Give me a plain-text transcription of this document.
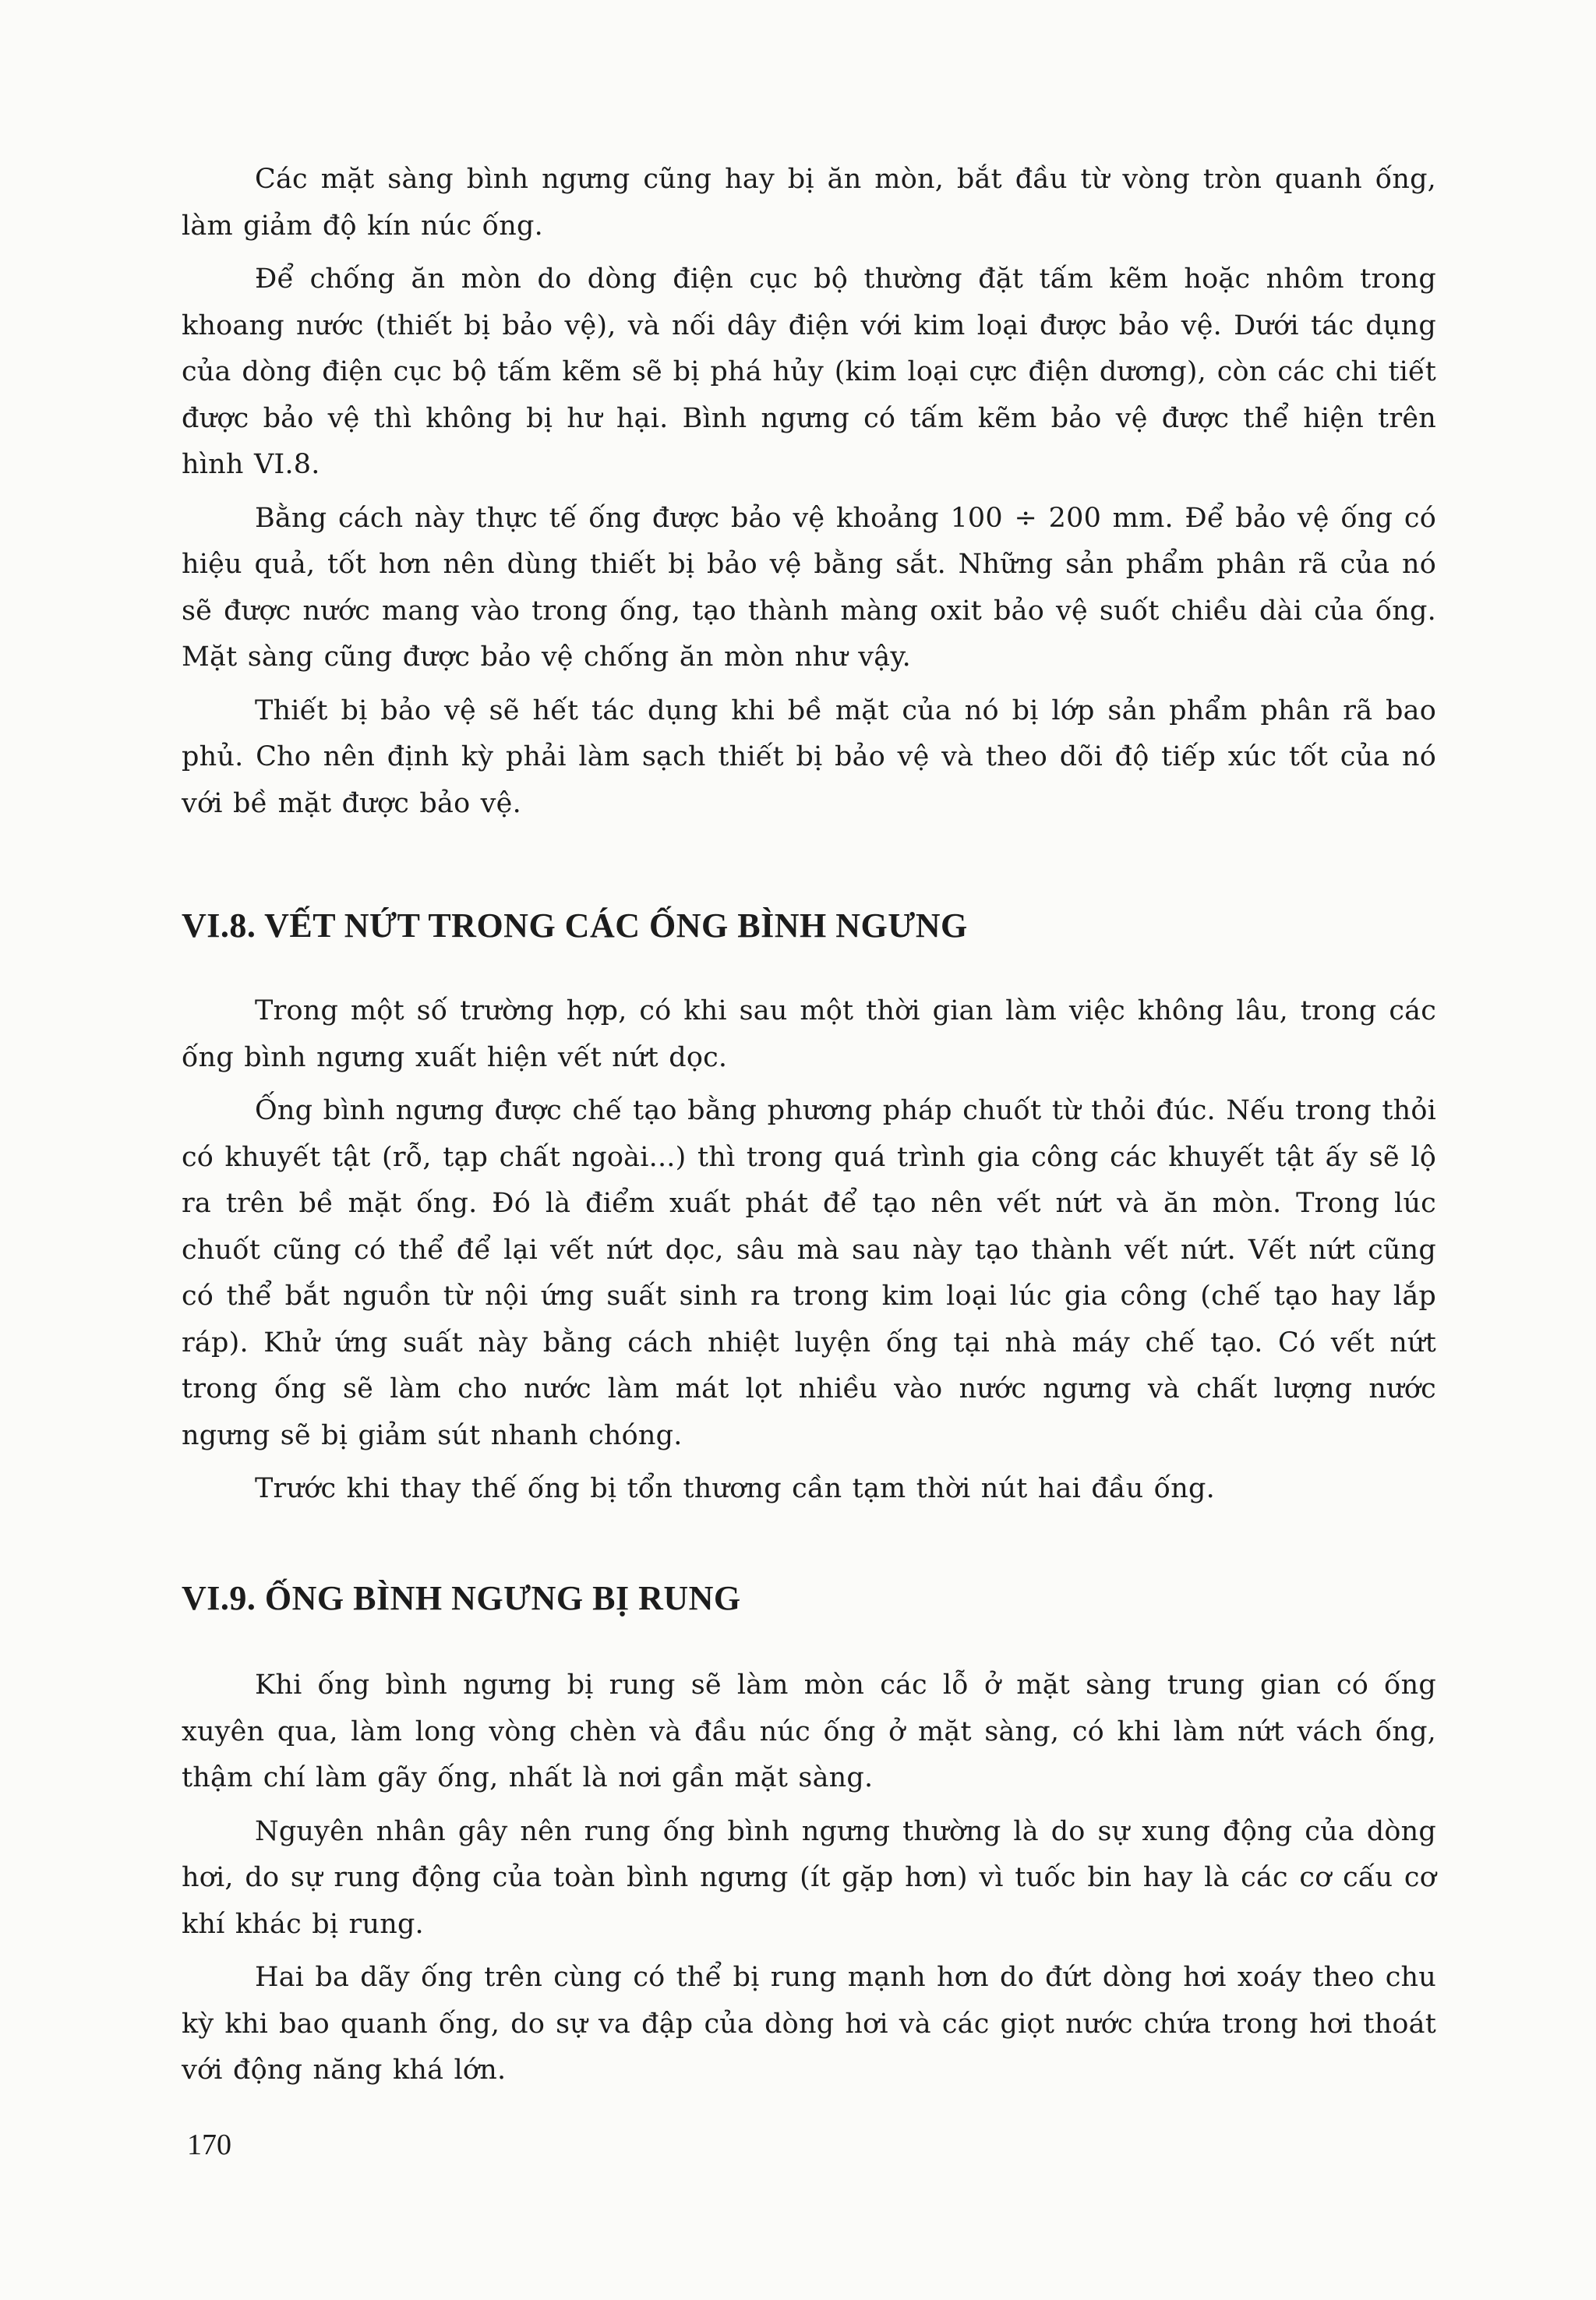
Các mặt sàng bình ngưng cũng hay bị ăn mòn, bắt đầu từ vòng tròn quanh ống, làm giảm độ kín núc ống.

Để chống ăn mòn do dòng điện cục bộ thường đặt tấm kẽm hoặc nhôm trong khoang nước (thiết bị bảo vệ), và nối dây điện với kim loại được bảo vệ. Dưới tác dụng của dòng điện cục bộ tấm kẽm sẽ bị phá hủy (kim loại cực điện dương), còn các chi tiết được bảo vệ thì không bị hư hại. Bình ngưng có tấm kẽm bảo vệ được thể hiện trên hình VI.8.

Bằng cách này thực tế ống được bảo vệ khoảng 100 ÷ 200 mm. Để bảo vệ ống có hiệu quả, tốt hơn nên dùng thiết bị bảo vệ bằng sắt. Những sản phẩm phân rã của nó sẽ được nước mang vào trong ống, tạo thành màng oxit bảo vệ suốt chiều dài của ống. Mặt sàng cũng được bảo vệ chống ăn mòn như vậy.

Thiết bị bảo vệ sẽ hết tác dụng khi bề mặt của nó bị lớp sản phẩm phân rã bao phủ. Cho nên định kỳ phải làm sạch thiết bị bảo vệ và theo dõi độ tiếp xúc tốt của nó với bề mặt được bảo vệ.

VI.8. VẾT NỨT TRONG CÁC ỐNG BÌNH NGƯNG

Trong một số trường hợp, có khi sau một thời gian làm việc không lâu, trong các ống bình ngưng xuất hiện vết nứt dọc.

Ống bình ngưng được chế tạo bằng phương pháp chuốt từ thỏi đúc. Nếu trong thỏi có khuyết tật (rỗ, tạp chất ngoài...) thì trong quá trình gia công các khuyết tật ấy sẽ lộ ra trên bề mặt ống. Đó là điểm xuất phát để tạo nên vết nứt và ăn mòn. Trong lúc chuốt cũng có thể để lại vết nứt dọc, sâu mà sau này tạo thành vết nứt. Vết nứt cũng có thể bắt nguồn từ nội ứng suất sinh ra trong kim loại lúc gia công (chế tạo hay lắp ráp). Khử ứng suất này bằng cách nhiệt luyện ống tại nhà máy chế tạo. Có vết nứt trong ống sẽ làm cho nước làm mát lọt nhiều vào nước ngưng và chất lượng nước ngưng sẽ bị giảm sút nhanh chóng.

Trước khi thay thế ống bị tổn thương cần tạm thời nút hai đầu ống.

VI.9. ỐNG BÌNH NGƯNG BỊ RUNG

Khi ống bình ngưng bị rung sẽ làm mòn các lỗ ở mặt sàng trung gian có ống xuyên qua, làm long vòng chèn và đầu núc ống ở mặt sàng, có khi làm nứt vách ống, thậm chí làm gãy ống, nhất là nơi gần mặt sàng.

Nguyên nhân gây nên rung ống bình ngưng thường là do sự xung động của dòng hơi, do sự rung động của toàn bình ngưng (ít gặp hơn) vì tuốc bin hay là các cơ cấu cơ khí khác bị rung.

Hai ba dãy ống trên cùng có thể bị rung mạnh hơn do đứt dòng hơi xoáy theo chu kỳ khi bao quanh ống, do sự va đập của dòng hơi và các giọt nước chứa trong hơi thoát với động năng khá lớn.

170
